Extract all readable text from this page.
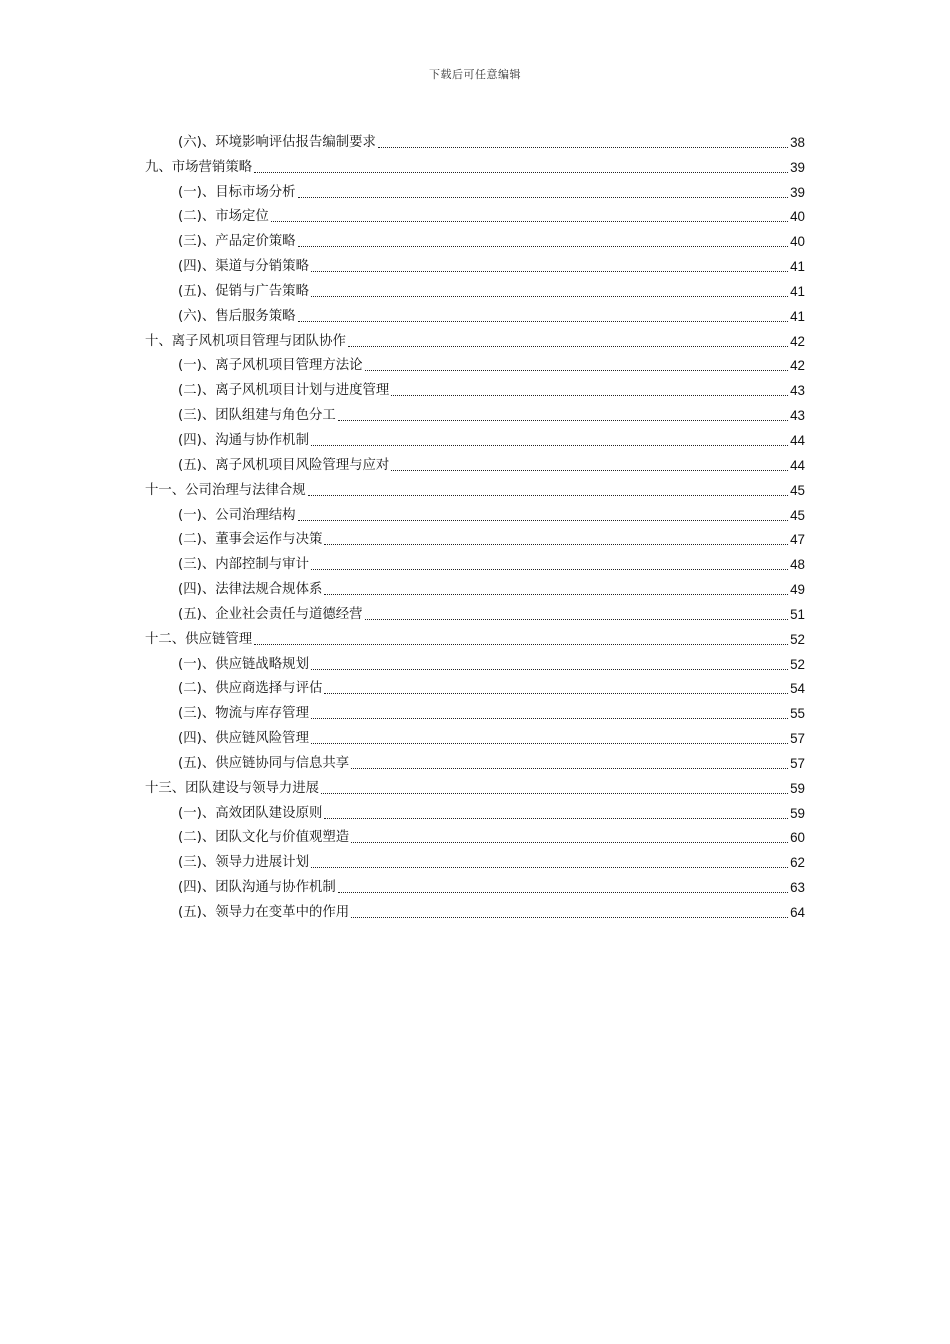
下载后可任意编辑
(六)、环境影响评估报告编制要求	38
九、市场营销策略	39
(一)、目标市场分析	39
(二)、市场定位	40
(三)、产品定价策略	40
(四)、渠道与分销策略	41
(五)、促销与广告策略	41
(六)、售后服务策略	41
十、离子风机项目管理与团队协作	42
(一)、离子风机项目管理方法论	42
(二)、离子风机项目计划与进度管理	43
(三)、团队组建与角色分工	43
(四)、沟通与协作机制	44
(五)、离子风机项目风险管理与应对	44
十一、公司治理与法律合规	45
(一)、公司治理结构	45
(二)、董事会运作与决策	47
(三)、内部控制与审计	48
(四)、法律法规合规体系	49
(五)、企业社会责任与道德经营	51
十二、供应链管理	52
(一)、供应链战略规划	52
(二)、供应商选择与评估	54
(三)、物流与库存管理	55
(四)、供应链风险管理	57
(五)、供应链协同与信息共享	57
十三、团队建设与领导力进展	59
(一)、高效团队建设原则	59
(二)、团队文化与价值观塑造	60
(三)、领导力进展计划	62
(四)、团队沟通与协作机制	63
(五)、领导力在变革中的作用	64
